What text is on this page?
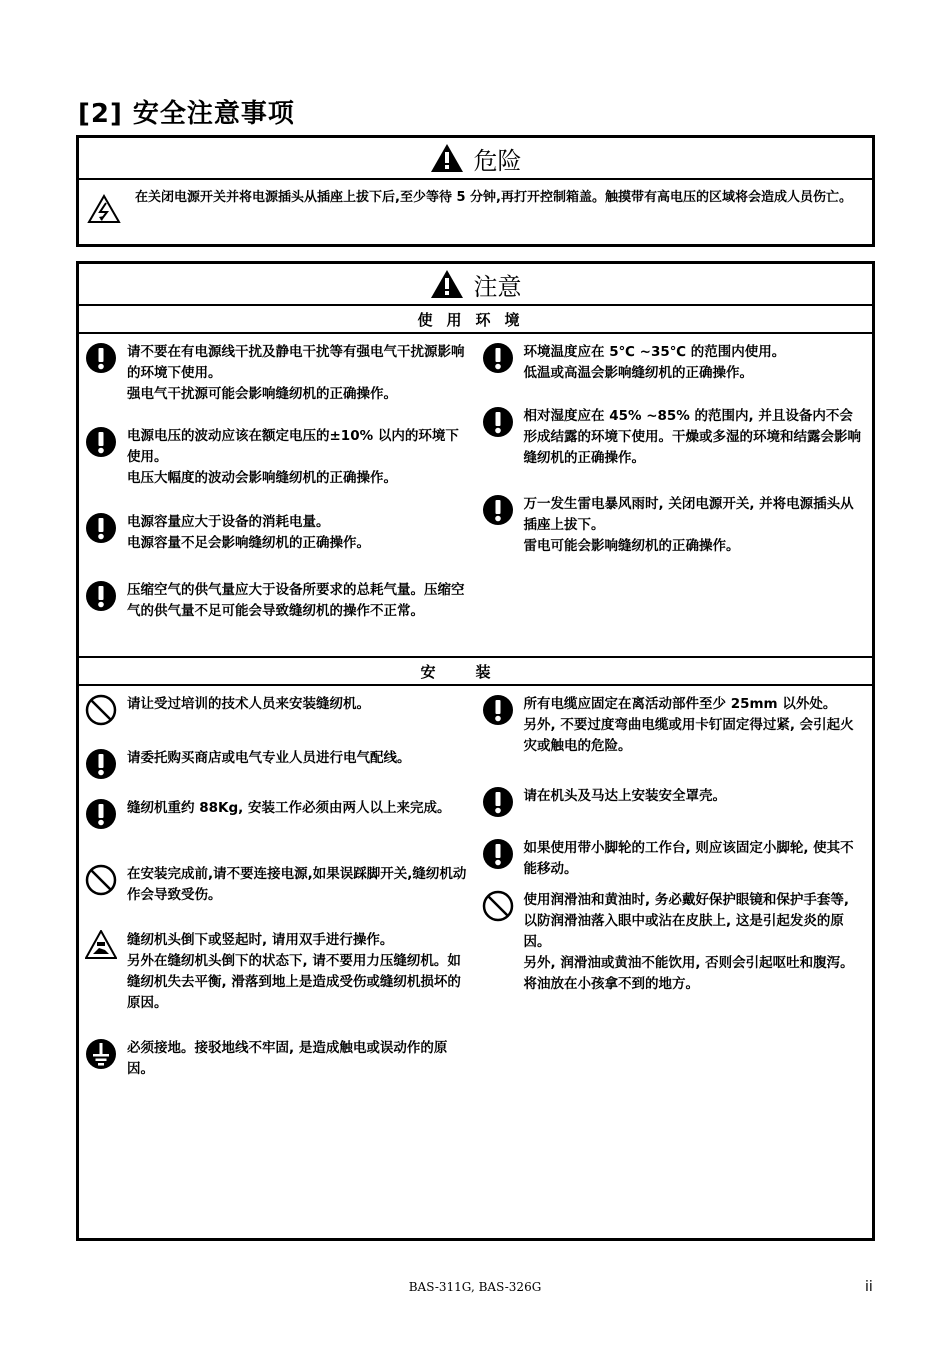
[2] 安全注意事项
危险
在关闭电源开关并将电源插头从插座上拔下后,至少等待 5 分钟,再打开控制箱盖。触摸带有高电压的区域将会造成人员伤亡。
注意
使用环境
请不要在有电源线干扰及静电干扰等有强电气干扰源影响的环境下使用。
强电气干扰源可能会影响缝纫机的正确操作。
电源电压的波动应该在额定电压的±10% 以内的环境下使用。
电压大幅度的波动会影响缝纫机的正确操作。
电源容量应大于设备的消耗电量。
电源容量不足会影响缝纫机的正确操作。
压缩空气的供气量应大于设备所要求的总耗气量。压缩空气的供气量不足可能会导致缝纫机的操作不正常。
环境温度应在 5℃ ~35℃ 的范围内使用。
低温或高温会影响缝纫机的正确操作。
相对湿度应在 45% ~85% 的范围内, 并且设备内不会形成结露的环境下使用。干燥或多湿的环境和结露会影响缝纫机的正确操作。
万一发生雷电暴风雨时, 关闭电源开关, 并将电源插头从插座上拔下。
雷电可能会影响缝纫机的正确操作。
安装
请让受过培训的技术人员来安装缝纫机。
请委托购买商店或电气专业人员进行电气配线。
缝纫机重约 88Kg, 安装工作必须由两人以上来完成。
在安装完成前,请不要连接电源,如果误踩脚开关,缝纫机动作会导致受伤。
缝纫机头倒下或竖起时, 请用双手进行操作。
另外在缝纫机头倒下的状态下, 请不要用力压缝纫机。如缝纫机失去平衡, 滑落到地上是造成受伤或缝纫机损坏的原因。
必须接地。接驳地线不牢固, 是造成触电或误动作的原因。
所有电缆应固定在离活动部件至少 25mm 以外处。
另外, 不要过度弯曲电缆或用卡钉固定得过紧, 会引起火灾或触电的危险。
请在机头及马达上安装安全罩壳。
如果使用带小脚轮的工作台, 则应该固定小脚轮, 使其不能移动。
使用润滑油和黄油时, 务必戴好保护眼镜和保护手套等, 以防润滑油落入眼中或沾在皮肤上, 这是引起发炎的原因。
另外, 润滑油或黄油不能饮用, 否则会引起呕吐和腹泻。
将油放在小孩拿不到的地方。
BAS-311G, BAS-326G	ii
